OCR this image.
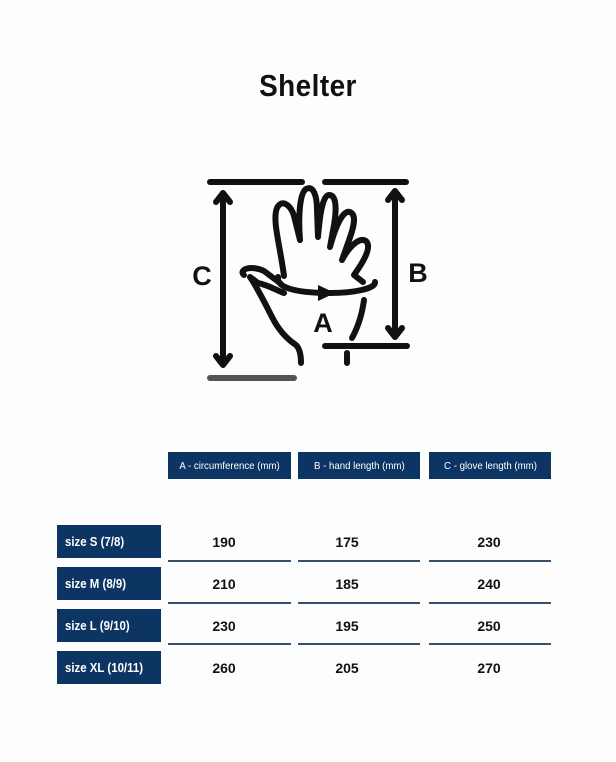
Shelter
C	B
A
A - circumference (mm)	B - hand length (mm)	C - glove length (mm)
size S (7/8)	190	175	230
size M (8/9)	210	185	240
size L (9/10)	230	195	250
size XL (10/11)	260	205	270
